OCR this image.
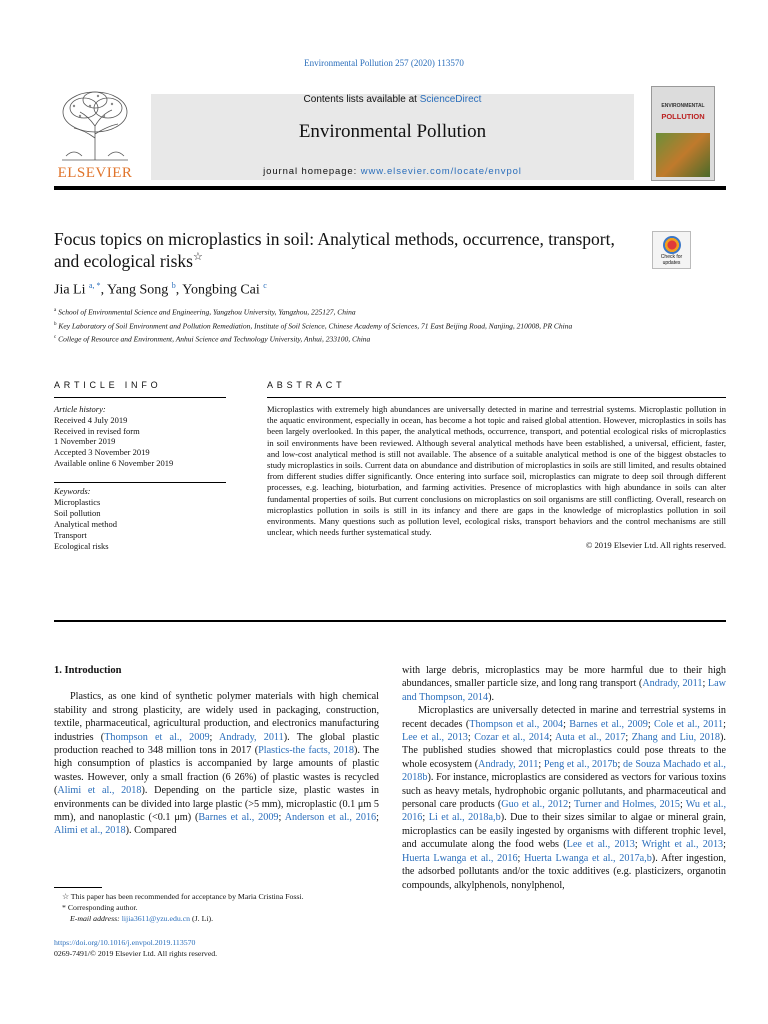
Environmental Pollution 257 (2020) 113570
ELSEVIER
Contents lists available at ScienceDirect
Environmental Pollution
journal homepage: www.elsevier.com/locate/envpol
ENVIRONMENTAL
POLLUTION
Focus topics on microplastics in soil: Analytical methods, occurrence, transport, and ecological risks☆	Check for updates
Jia Li $^{a, *}$, Yang Song $^b$, Yongbing Cai $^c$
$^a$ School of Environmental Science and Engineering, Yangzhou University, Yangzhou, 225127, China
$^b$ Key Laboratory of Soil Environment and Pollution Remediation, Institute of Soil Science, Chinese Academy of Sciences, 71 East Beijing Road, Nanjing, 210008, PR China
$^c$ College of Resource and Environment, Anhui Science and Technology University, Anhui, 233100, China
ARTICLE INFO	ABSTRACT
Article history:
Received 4 July 2019
Received in revised form
1 November 2019
Accepted 3 November 2019
Available online 6 November 2019
Keywords:
Microplastics
Soil pollution
Analytical method
Transport
Ecological risks
Microplastics with extremely high abundances are universally detected in marine and terrestrial systems. Microplastic pollution in the aquatic environment, especially in ocean, has become a hot topic and raised global attention. However, microplastics in soils has been largely overlooked. In this paper, the analytical methods, occurrence, transport, and potential ecological risks of microplastics in soil environments have been reviewed. Although several analytical methods have been established, a universal, efficient, faster, and low-cost analytical method is still not available. The absence of a suitable analytical method is one of the biggest obstacles to study microplastics in soils. Current data on abundance and distribution of microplastics in soils are still limited, and results obtained from different studies differ significantly. Once entering into surface soil, microplastics can migrate to deep soil through different processes, e.g. leaching, bioturbation, and farming activities. Presence of microplastics with high abundance in soils can alter fundamental properties of soils. But current conclusions on microplastics on soil organisms are still conflicting. Overall, research on microplastics pollution in soils is still in its infancy and there are gaps in the knowledge of microplastics pollution in soil environments. Many questions such as pollution level, ecological risks, transport behaviors and the control mechanisms are still unclear, which needs further systematical study.
© 2019 Elsevier Ltd. All rights reserved.
1. Introduction

Plastics, as one kind of synthetic polymer materials with high chemical stability and strong plasticity, are widely used in packaging, construction, textile, pharmaceutical, agricultural production, and electronics manufacturing industries (Thompson et al., 2009; Andrady, 2011). The global plastic production reached to 348 million tons in 2017 (Plastics-the facts, 2018). The high consumption of plastics is accompanied by large amounts of plastic wastes. However, only a small fraction (6 26%) of plastic wastes is recycled (Alimi et al., 2018). Depending on the particle size, plastic wastes in environments can be divided into large plastic (>5 mm), microplastic (0.1 μm 5 mm), and nanoplastic (<0.1 μm) (Barnes et al., 2009; Anderson et al., 2016; Alimi et al., 2018). Compared

with large debris, microplastics may be more harmful due to their high abundances, smaller particle size, and long rang transport (Andrady, 2011; Law and Thompson, 2014).

Microplastics are universally detected in marine and terrestrial systems in recent decades (Thompson et al., 2004; Barnes et al., 2009; Cole et al., 2011; Lee et al., 2013; Cozar et al., 2014; Auta et al., 2017; Zhang and Liu, 2018). The published studies showed that microplastics could pose threats to the whole ecosystem (Andrady, 2011; Peng et al., 2017b; de Souza Machado et al., 2018b). For instance, microplastics are considered as vectors for various toxins such as heavy metals, hydrophobic organic pollutants, and pharmaceutical and personal care products (Guo et al., 2012; Turner and Holmes, 2015; Wu et al., 2016; Li et al., 2018a,b). Due to their sizes similar to algae or mineral grain, microplastics can be easily ingested by organisms with different trophic level, and accumulate along the food webs (Lee et al., 2013; Wright et al., 2013; Huerta Lwanga et al., 2016; Huerta Lwanga et al., 2017a,b). After ingestion, the adsorbed pollutants and/or the toxic additives (e.g. plasticizers, organotin compounds, alkylphenols, nonylphenol,

☆ This paper has been recommended for acceptance by Maria Cristina Fossi.
* Corresponding author.
E-mail address: lijia3611@yzu.edu.cn (J. Li).
https://doi.org/10.1016/j.envpol.2019.113570
0269-7491/© 2019 Elsevier Ltd. All rights reserved.
